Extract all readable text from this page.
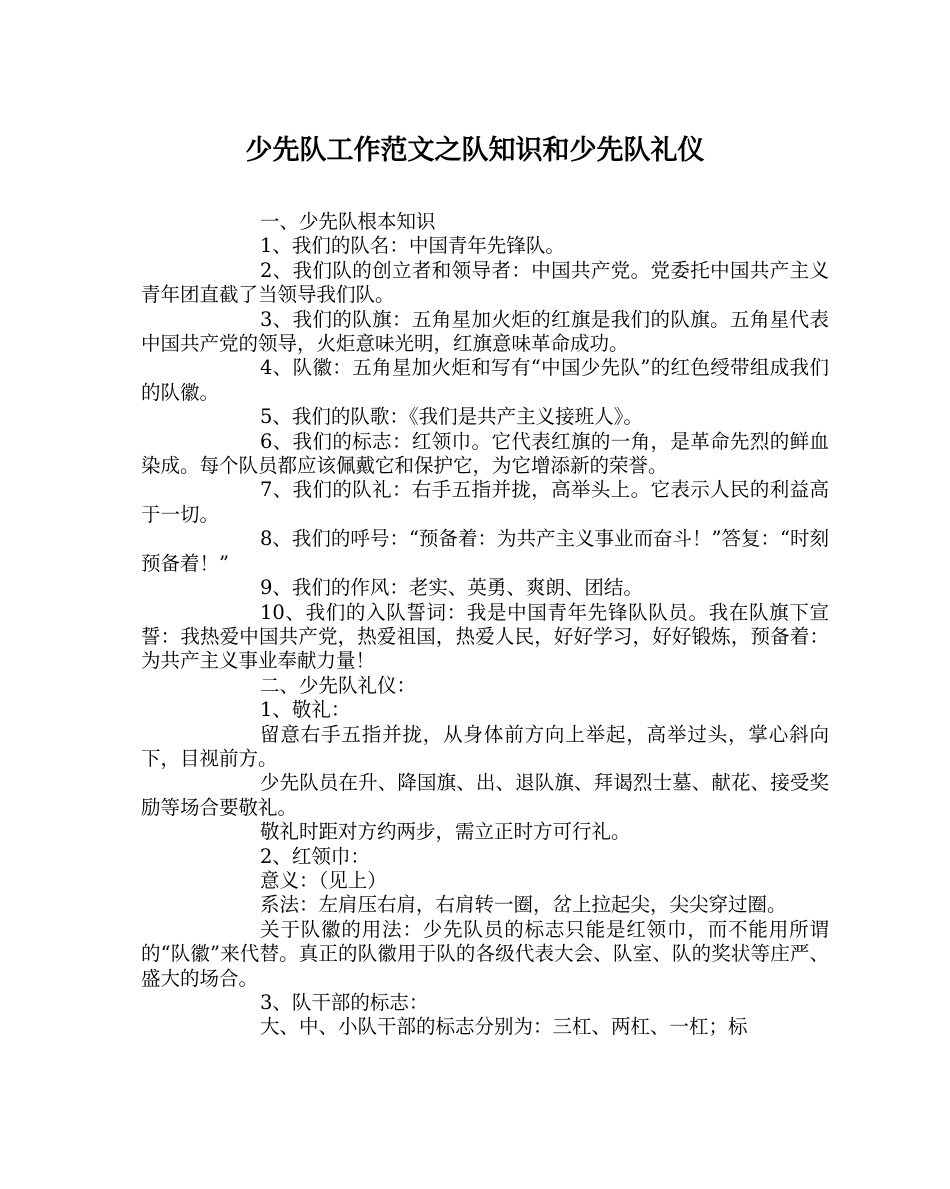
少先队工作范文之队知识和少先队礼仪

一、少先队根本知识

1、我们的队名：中国青年先锋队。

2、我们队的创立者和领导者：中国共产党。党委托中国共产主义青年团直截了当领导我们队。

3、我们的队旗：五角星加火炬的红旗是我们的队旗。五角星代表中国共产党的领导，火炬意味光明，红旗意味革命成功。

4、队徽：五角星加火炬和写有“中国少先队”的红色绶带组成我们的队徽。

5、我们的队歌：《我们是共产主义接班人》。

6、我们的标志：红领巾。它代表红旗的一角，是革命先烈的鲜血染成。每个队员都应该佩戴它和保护它，为它增添新的荣誉。

7、我们的队礼：右手五指并拢，高举头上。它表示人民的利益高于一切。

8、我们的呼号：“预备着：为共产主义事业而奋斗！”答复：“时刻预备着！”

9、我们的作风：老实、英勇、爽朗、团结。

10、我们的入队誓词：我是中国青年先锋队队员。我在队旗下宣誓：我热爱中国共产党，热爱祖国，热爱人民，好好学习，好好锻炼，预备着：为共产主义事业奉献力量！

二、少先队礼仪：

1、敬礼：

留意右手五指并拢，从身体前方向上举起，高举过头，掌心斜向下，目视前方。

少先队员在升、降国旗、出、退队旗、拜谒烈士墓、献花、接受奖励等场合要敬礼。

敬礼时距对方约两步，需立正时方可行礼。

2、红领巾：

意义：（见上）

系法：左肩压右肩，右肩转一圈，岔上拉起尖，尖尖穿过圈。

关于队徽的用法：少先队员的标志只能是红领巾，而不能用所谓的“队徽”来代替。真正的队徽用于队的各级代表大会、队室、队的奖状等庄严、盛大的场合。

3、队干部的标志：

大、中、小队干部的标志分别为：三杠、两杠、一杠；标
